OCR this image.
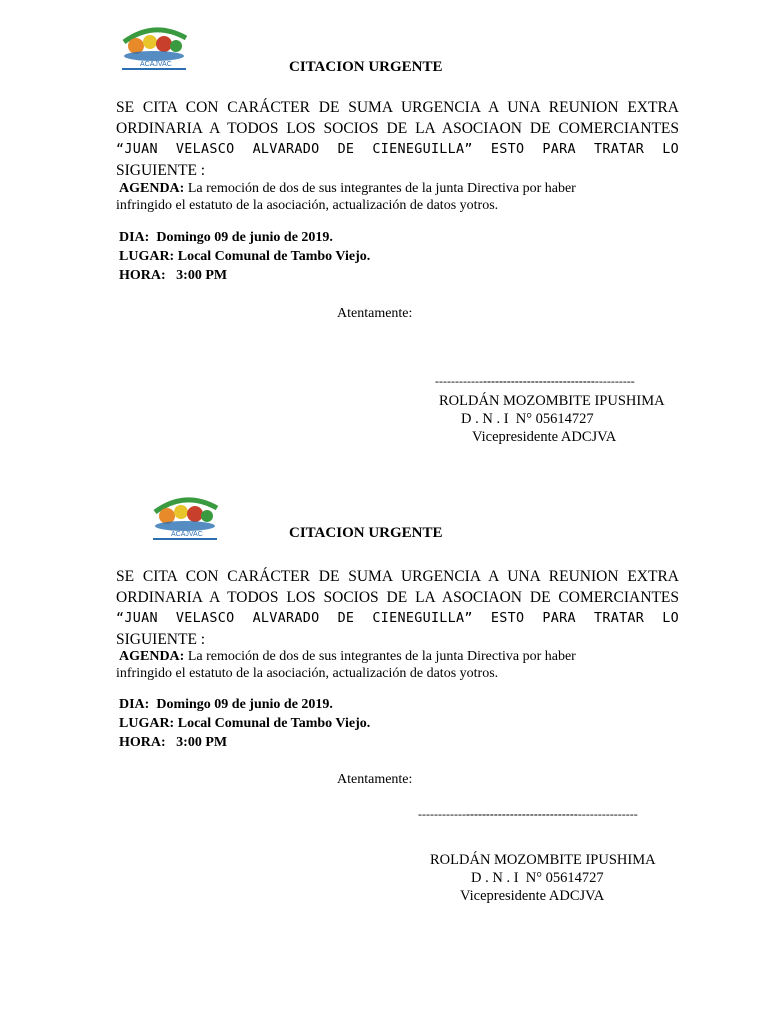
ACAJVAC	CITACION URGENTE
SE CITA CON CARÁCTER DE SUMA URGENCIA A UNA REUNION EXTRA
ORDINARIA A TODOS LOS SOCIOS DE LA ASOCIAON DE COMERCIANTES
“JUAN VELASCO ALVARADO DE CIENEGUILLA” ESTO PARA TRATAR LO
SIGUIENTE :
AGENDA: La remoción de dos de sus integrantes de la junta Directiva por haber
infringido el estatuto de la asociación, actualización de datos yotros.
DIA:  Domingo 09 de junio de 2019.
LUGAR: Local Comunal de Tambo Viejo.
HORA:   3:00 PM
Atentamente:
--------------------------------------------------
ROLDÁN MOZOMBITE IPUSHIMA
D . N . I  N° 05614727
Vicepresidente ADCJVA
ACAJVAC	CITACION URGENTE
SE CITA CON CARÁCTER DE SUMA URGENCIA A UNA REUNION EXTRA
ORDINARIA A TODOS LOS SOCIOS DE LA ASOCIAON DE COMERCIANTES
“JUAN VELASCO ALVARADO DE CIENEGUILLA” ESTO PARA TRATAR LO
SIGUIENTE :
AGENDA: La remoción de dos de sus integrantes de la junta Directiva por haber
infringido el estatuto de la asociación, actualización de datos yotros.
DIA:  Domingo 09 de junio de 2019.
LUGAR: Local Comunal de Tambo Viejo.
HORA:   3:00 PM
Atentamente:
-------------------------------------------------------
ROLDÁN MOZOMBITE IPUSHIMA
D . N . I  N° 05614727
Vicepresidente ADCJVA
